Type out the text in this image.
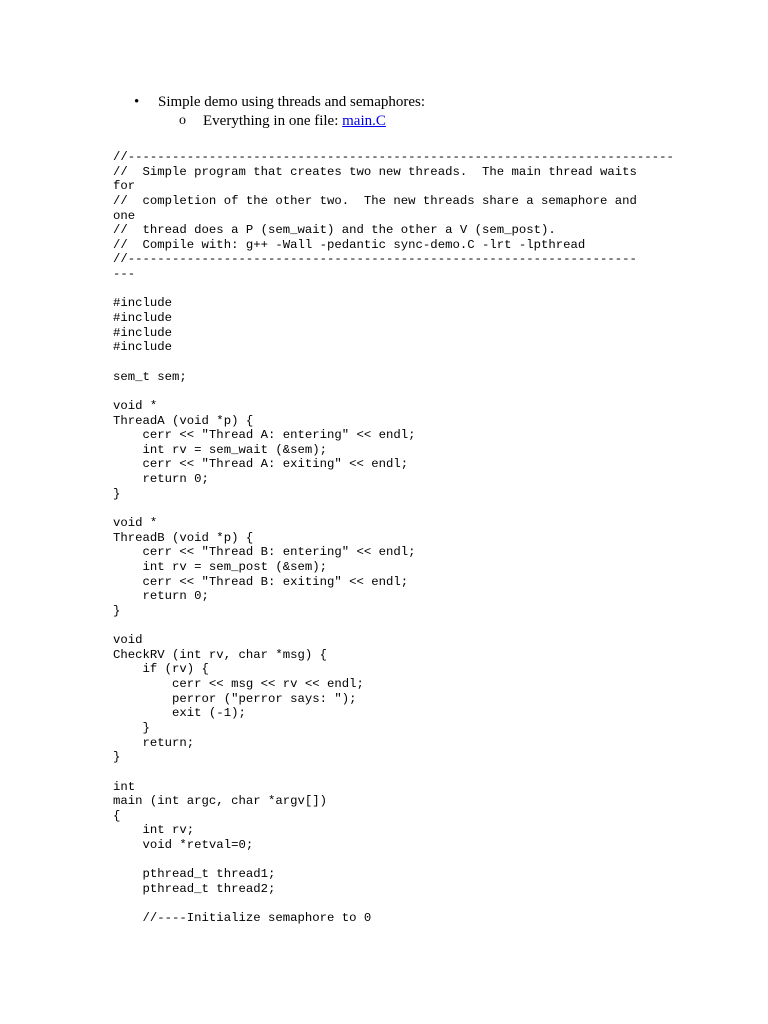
•	Simple demo using threads and semaphores:
o	Everything in one file: main.C
//--------------------------------------------------------------------------
//  Simple program that creates two new threads.  The main thread waits
for
//  completion of the other two.  The new threads share a semaphore and
one
//  thread does a P (sem_wait) and the other a V (sem_post).
//  Compile with: g++ -Wall -pedantic sync-demo.C -lrt -lpthread
//---------------------------------------------------------------------
---
#include
#include
#include
#include
sem_t sem;
void *
ThreadA (void *p) {
cerr << "Thread A: entering" << endl;
int rv = sem_wait (&sem);
cerr << "Thread A: exiting" << endl;
return 0;
}
void *
ThreadB (void *p) {
cerr << "Thread B: entering" << endl;
int rv = sem_post (&sem);
cerr << "Thread B: exiting" << endl;
return 0;
}
void
CheckRV (int rv, char *msg) {
if (rv) {
cerr << msg << rv << endl;
perror ("perror says: ");
exit (-1);
}
return;
}
int
main (int argc, char *argv[])
{
int rv;
void *retval=0;
pthread_t thread1;
pthread_t thread2;
//----Initialize semaphore to 0
